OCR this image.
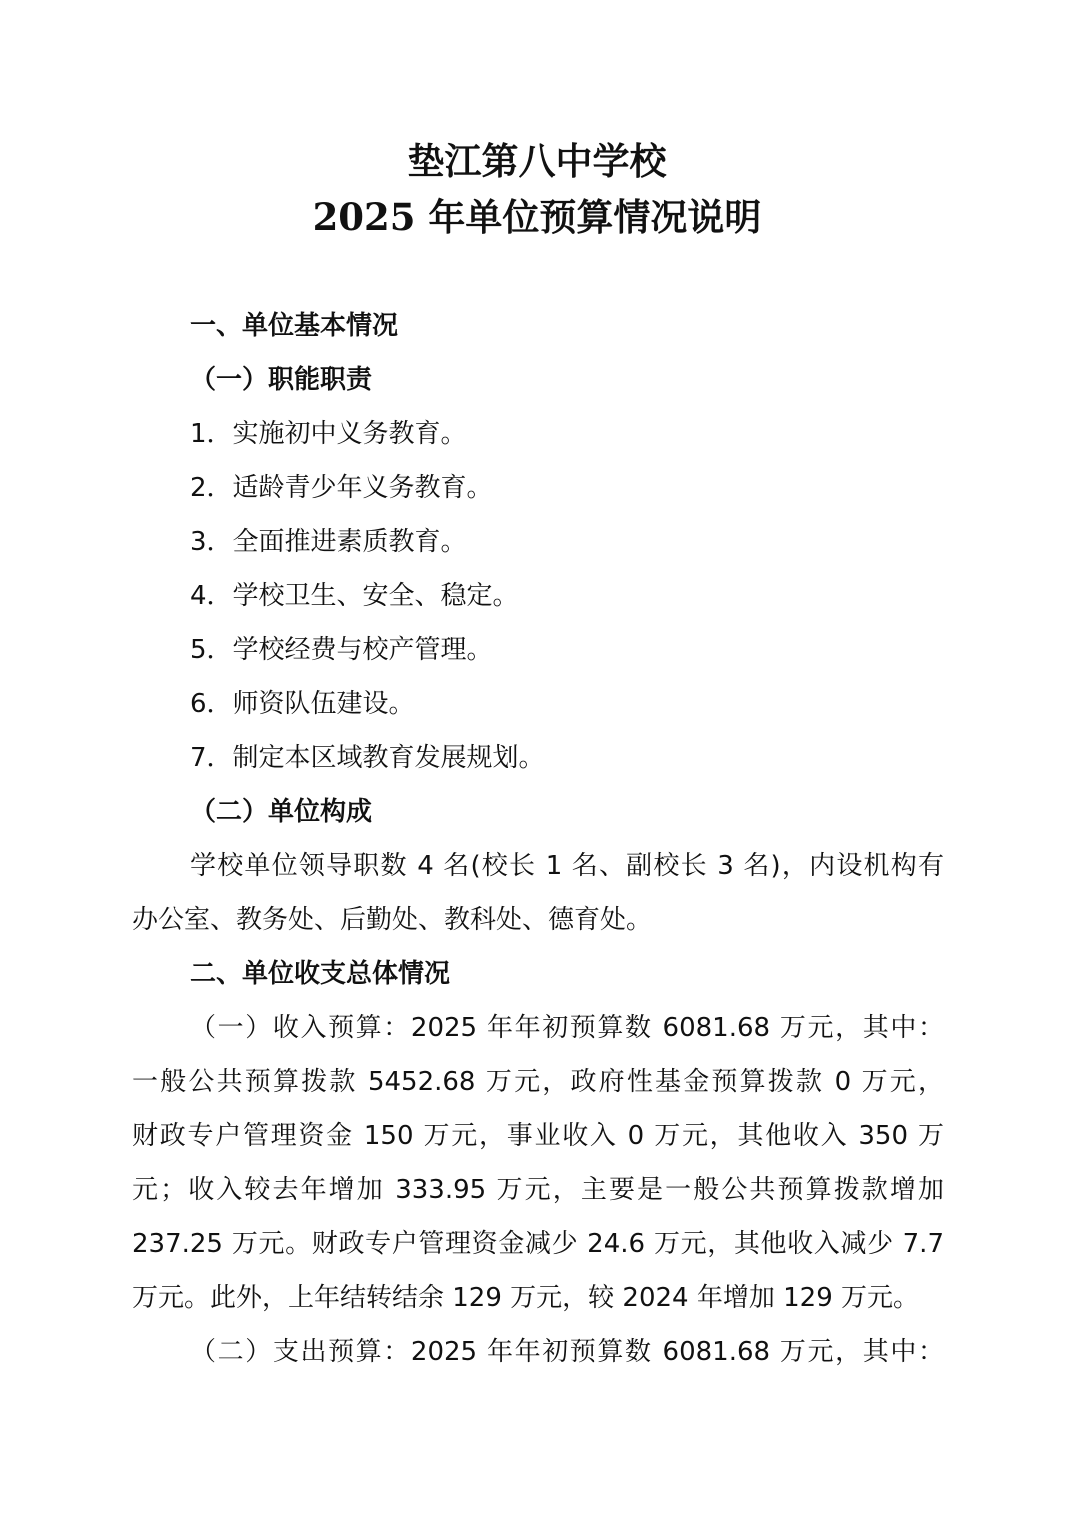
垫江第八中学校
2025 年单位预算情况说明

一、单位基本情况

（一）职能职责

1．实施初中义务教育。

2．适龄青少年义务教育。

3．全面推进素质教育。

4．学校卫生、安全、稳定。

5．学校经费与校产管理。

6．师资队伍建设。

7．制定本区域教育发展规划。

（二）单位构成

学校单位领导职数 4 名(校长 1 名、副校长 3 名)，内设机构有

办公室、教务处、后勤处、教科处、德育处。

二、单位收支总体情况

（一）收入预算：2025 年年初预算数 6081.68 万元，其中：

一般公共预算拨款 5452.68 万元，政府性基金预算拨款 0 万元，

财政专户管理资金 150 万元，事业收入 0 万元，其他收入 350 万

元；收入较去年增加 333.95 万元，主要是一般公共预算拨款增加

237.25 万元。财政专户管理资金减少 24.6 万元，其他收入减少 7.7

万元。此外，上年结转结余 129 万元，较 2024 年增加 129 万元。

（二）支出预算：2025 年年初预算数 6081.68 万元，其中：
